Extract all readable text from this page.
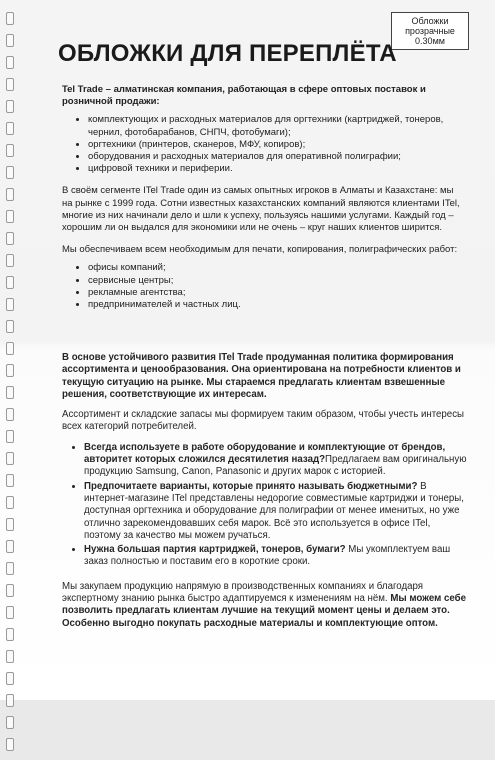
Обложки
прозрачные
0.30мм
ОБЛОЖКИ ДЛЯ ПЕРЕПЛЁТА

Tel Trade – алматинская компания, работающая в сфере оптовых поставок и розничной продажи:

• комплектующих и расходных материалов для оргтехники (картриджей, тонеров, чернил, фотобарабанов, СНПЧ, фотобумаги);
• оргтехники (принтеров, сканеров, МФУ, копиров);
• оборудования и расходных материалов для оперативной полиграфии;
• цифровой техники и периферии.

В своём сегменте ITel Trade один из самых опытных игроков в Алматы и Казахстане: мы на рынке с 1999 года. Сотни известных казахстанских компаний являются клиентами ITel, многие из них начинали дело и шли к успеху, пользуясь нашими услугами. Каждый год – хорошим ли он выдался для экономики или не очень – круг наших клиентов ширится.

Мы обеспечиваем всем необходимым для печати, копирования, полиграфических работ:

• офисы компаний;
• сервисные центры;
• рекламные агентства;
• предпринимателей и частных лиц.

В основе устойчивого развития ITel Trade продуманная политика формирования ассортимента и ценообразования. Она ориентирована на потребности клиентов и текущую ситуацию на рынке. Мы стараемся предлагать клиентам взвешенные решения, соответствующие их интересам.

Ассортимент и складские запасы мы формируем таким образом, чтобы учесть интересы всех категорий потребителей.

• Всегда используете в работе оборудование и комплектующие от брендов, авторитет которых сложился десятилетия назад?Предлагаем вам оригинальную продукцию Samsung, Canon, Panasonic и других марок с историей.
• Предпочитаете варианты, которые принято называть бюджетными? В интернет-магазине ITel представлены недорогие совместимые картриджи и тонеры, доступная оргтехника и оборудование для полиграфии от менее именитых, но уже отлично зарекомендовавших себя марок. Всё это используется в офисе ITel, поэтому за качество мы можем ручаться.
• Нужна большая партия картриджей, тонеров, бумаги? Мы укомплектуем ваш заказ полностью и поставим его в короткие сроки.

Мы закупаем продукцию напрямую в производственных компаниях и благодаря экспертному знанию рынка быстро адаптируемся к изменениям на нём. Мы можем себе позволить предлагать клиентам лучшие на текущий момент цены и делаем это. Особенно выгодно покупать расходные материалы и комплектующие оптом.
